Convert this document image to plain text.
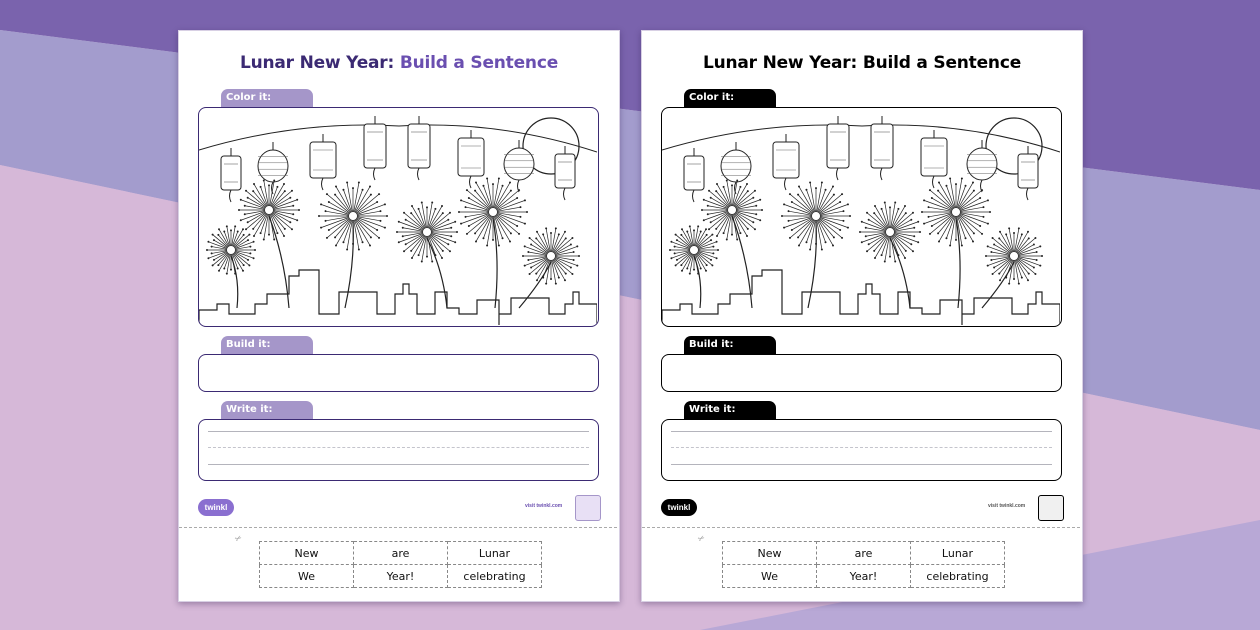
Lunar New Year: Build a Sentence
Color it:
Build it:
Write it:
twinkl	visit twinkl.com
✂
New	are	Lunar
We	Year!	celebrating
Lunar New Year: Build a Sentence
Color it:
Build it:
Write it:
twinkl	visit twinkl.com
✂
New	are	Lunar
We	Year!	celebrating
